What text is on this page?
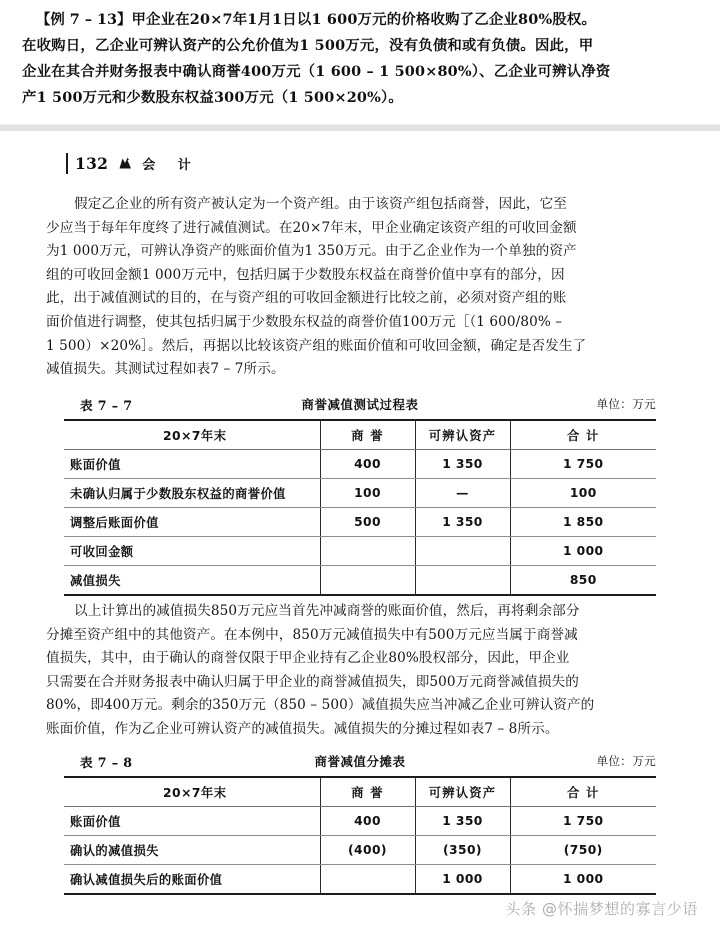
【例 7 – 13】甲企业在20×7年1月1日以1 600万元的价格收购了乙企业80%股权。
在收购日，乙企业可辨认资产的公允价值为1 500万元，没有负债和或有负债。因此，甲
企业在其合并财务报表中确认商誉400万元（1 600 – 1 500×80%）、乙企业可辨认净资
产1 500万元和少数股东权益300万元（1 500×20%）。
132	会 计
假定乙企业的所有资产被认定为一个资产组。由于该资产组包括商誉，因此，它至
少应当于每年年度终了进行减值测试。在20×7年末，甲企业确定该资产组的可收回金额
为1 000万元，可辨认净资产的账面价值为1 350万元。由于乙企业作为一个单独的资产
组的可收回金额1 000万元中，包括归属于少数股东权益在商誉价值中享有的部分，因
此，出于减值测试的目的，在与资产组的可收回金额进行比较之前，必须对资产组的账
面价值进行调整，使其包括归属于少数股东权益的商誉价值100万元［（1 600/80% –
1 500）×20%］。然后，再据以比较该资产组的账面价值和可收回金额，确定是否发生了
减值损失。其测试过程如表7 – 7所示。
表 7 – 7	商誉减值测试过程表	单位：万元
20×7年末	商 誉	可辨认资产	合 计
账面价值	400	1 350	1 750
未确认归属于少数股东权益的商誉价值	100	—	100
调整后账面价值	500	1 350	1 850
可收回金额			1 000
减值损失			850
以上计算出的减值损失850万元应当首先冲减商誉的账面价值，然后，再将剩余部分
分摊至资产组中的其他资产。在本例中，850万元减值损失中有500万元应当属于商誉减
值损失，其中，由于确认的商誉仅限于甲企业持有乙企业80%股权部分，因此，甲企业
只需要在合并财务报表中确认归属于甲企业的商誉减值损失，即500万元商誉减值损失的
80%，即400万元。剩余的350万元（850 – 500）减值损失应当冲减乙企业可辨认资产的
账面价值，作为乙企业可辨认资产的减值损失。减值损失的分摊过程如表7 – 8所示。
表 7 – 8	商誉减值分摊表	单位：万元
20×7年末	商 誉	可辨认资产	合 计
账面价值	400	1 350	1 750
确认的减值损失	(400)	(350)	(750)
确认减值损失后的账面价值		1 000	1 000
头条 @怀揣梦想的寡言少语
